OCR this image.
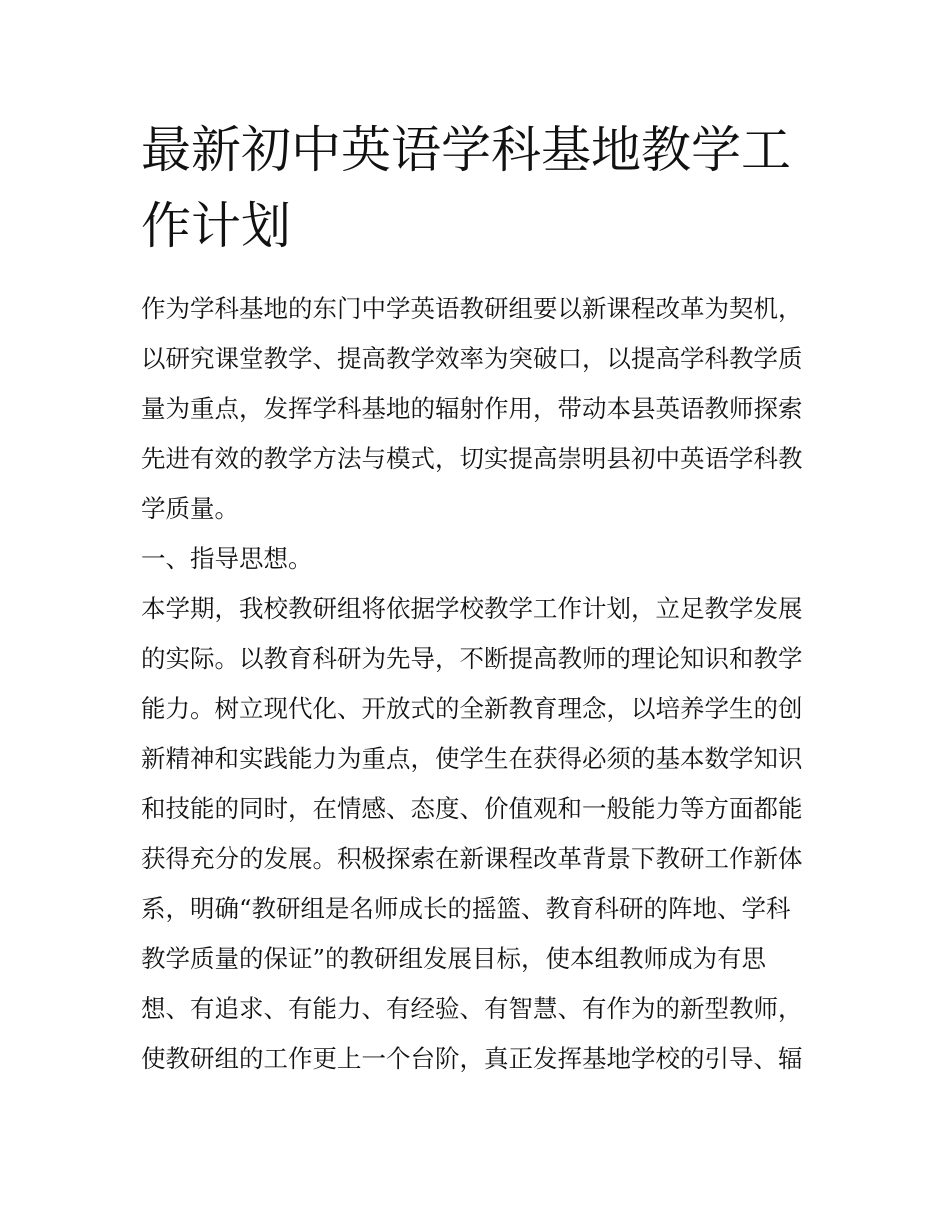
最新初中英语学科基地教学工
作计划
作为学科基地的东门中学英语教研组要以新课程改革为契机，
以研究课堂教学、提高教学效率为突破口，以提高学科教学质
量为重点，发挥学科基地的辐射作用，带动本县英语教师探索
先进有效的教学方法与模式，切实提高崇明县初中英语学科教
学质量。
一、指导思想。
本学期，我校教研组将依据学校教学工作计划，立足教学发展
的实际。以教育科研为先导，不断提高教师的理论知识和教学
能力。树立现代化、开放式的全新教育理念，以培养学生的创
新精神和实践能力为重点，使学生在获得必须的基本数学知识
和技能的同时，在情感、态度、价值观和一般能力等方面都能
获得充分的发展。积极探索在新课程改革背景下教研工作新体
系，明确“教研组是名师成长的摇篮、教育科研的阵地、学科
教学质量的保证”的教研组发展目标，使本组教师成为有思
想、有追求、有能力、有经验、有智慧、有作为的新型教师，
使教研组的工作更上一个台阶，真正发挥基地学校的引导、辐
